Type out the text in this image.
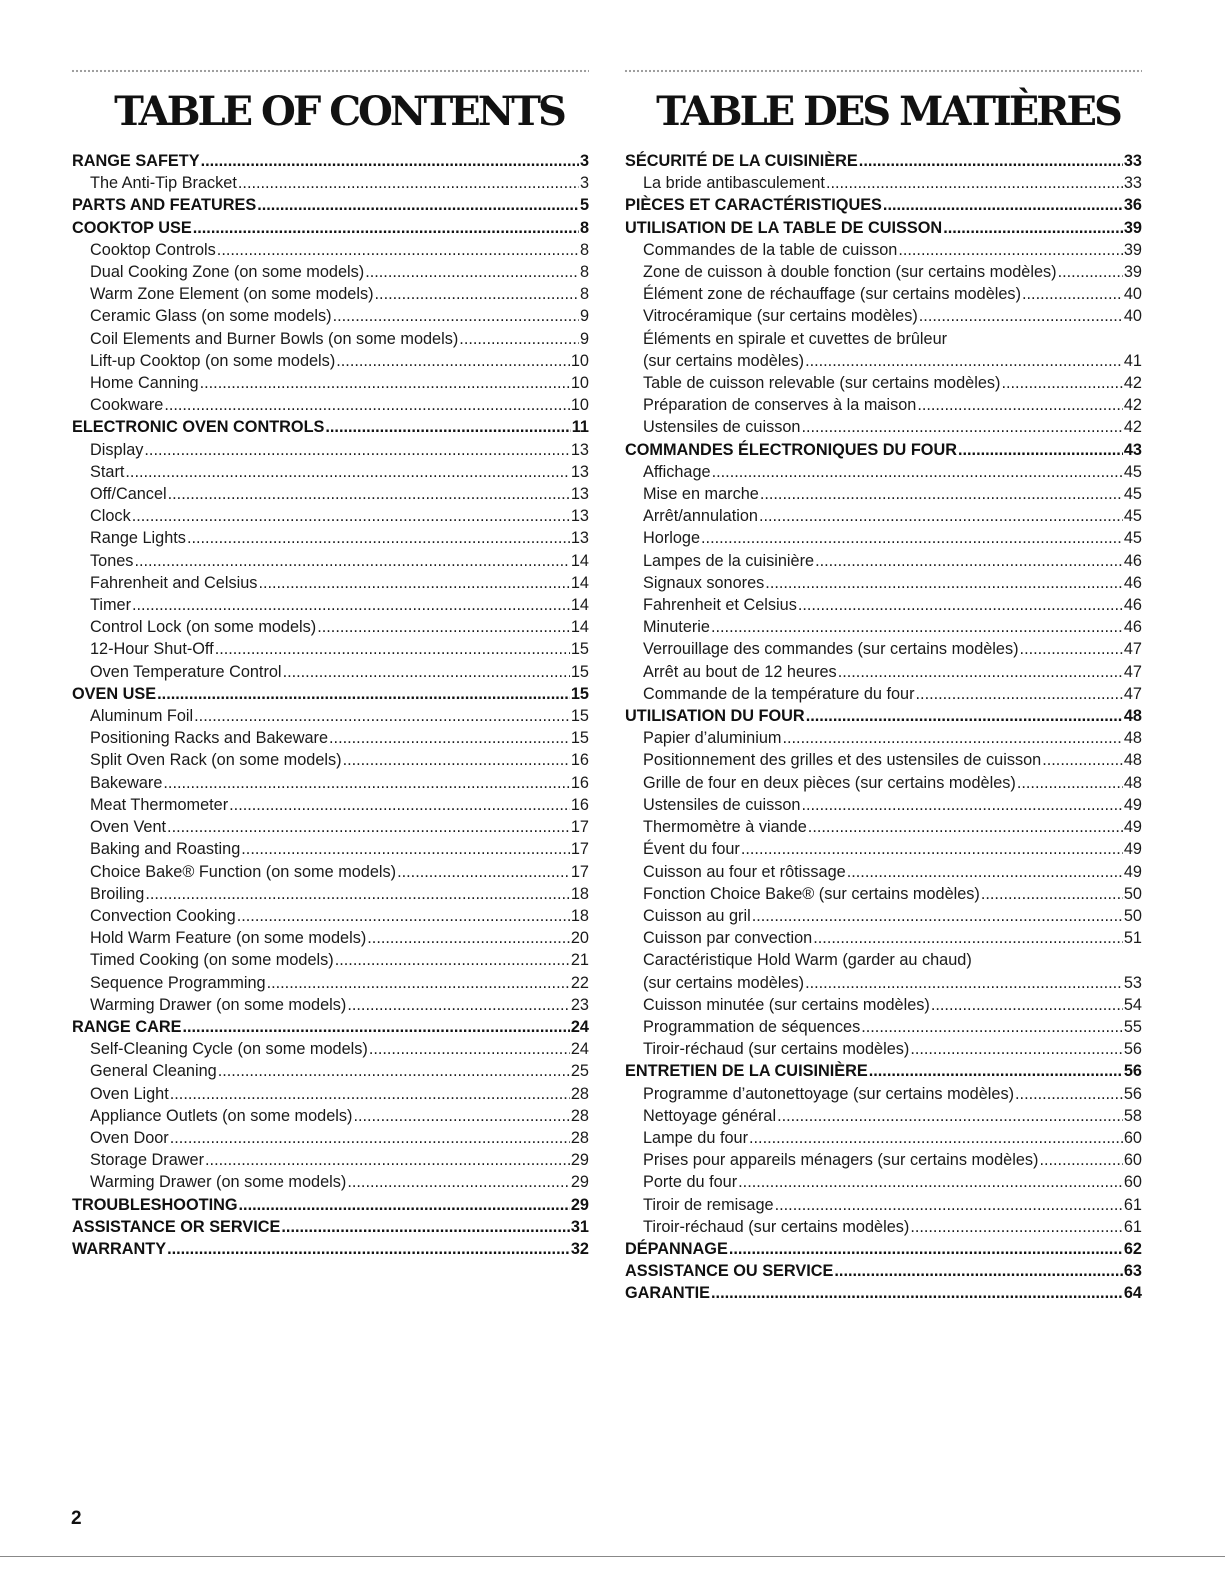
TABLE OF CONTENTS
RANGE SAFETY .....	3
The Anti-Tip Bracket .....	3
PARTS AND FEATURES .....	5
COOKTOP USE .....	8
Cooktop Controls .....	8
Dual Cooking Zone (on some models) .....	8
Warm Zone Element (on some models) .....	8
Ceramic Glass (on some models) .....	9
Coil Elements and Burner Bowls (on some models) .....	9
Lift-up Cooktop (on some models) .....	10
Home Canning .....	10
Cookware .....	10
ELECTRONIC OVEN CONTROLS .....	11
Display .....	13
Start .....	13
Off/Cancel .....	13
Clock .....	13
Range Lights .....	13
Tones .....	14
Fahrenheit and Celsius .....	14
Timer .....	14
Control Lock (on some models) .....	14
12-Hour Shut-Off .....	15
Oven Temperature Control .....	15
OVEN USE .....	15
Aluminum Foil .....	15
Positioning Racks and Bakeware .....	15
Split Oven Rack (on some models) .....	16
Bakeware .....	16
Meat Thermometer .....	16
Oven Vent .....	17
Baking and Roasting .....	17
Choice Bake® Function (on some models) .....	17
Broiling .....	18
Convection Cooking .....	18
Hold Warm Feature (on some models) .....	20
Timed Cooking (on some models) .....	21
Sequence Programming .....	22
Warming Drawer (on some models) .....	23
RANGE CARE .....	24
Self-Cleaning Cycle (on some models) .....	24
General Cleaning .....	25
Oven Light .....	28
Appliance Outlets (on some models) .....	28
Oven Door .....	28
Storage Drawer .....	29
Warming Drawer (on some models) .....	29
TROUBLESHOOTING .....	29
ASSISTANCE OR SERVICE .....	31
WARRANTY .....	32
TABLE DES MATIÈRES
SÉCURITÉ DE LA CUISINIÈRE .....	33
La bride antibasculement .....	33
PIÈCES ET CARACTÉRISTIQUES .....	36
UTILISATION DE LA TABLE DE CUISSON .....	39
Commandes de la table de cuisson .....	39
Zone de cuisson à double fonction (sur certains modèles) .....	39
Élément zone de réchauffage (sur certains modèles) .....	40
Vitrocéramique (sur certains modèles) .....	40
Éléments en spirale et cuvettes de brûleur
(sur certains modèles) .....	41
Table de cuisson relevable (sur certains modèles) .....	42
Préparation de conserves à la maison .....	42
Ustensiles de cuisson .....	42
COMMANDES ÉLECTRONIQUES DU FOUR .....	43
Affichage .....	45
Mise en marche .....	45
Arrêt/annulation .....	45
Horloge .....	45
Lampes de la cuisinière .....	46
Signaux sonores .....	46
Fahrenheit et Celsius .....	46
Minuterie .....	46
Verrouillage des commandes (sur certains modèles) .....	47
Arrêt au bout de 12 heures .....	47
Commande de la température du four .....	47
UTILISATION DU FOUR .....	48
Papier d’aluminium .....	48
Positionnement des grilles et des ustensiles de cuisson .....	48
Grille de four en deux pièces (sur certains modèles) .....	48
Ustensiles de cuisson .....	49
Thermomètre à viande .....	49
Évent du four .....	49
Cuisson au four et rôtissage .....	49
Fonction Choice Bake® (sur certains modèles) .....	50
Cuisson au gril .....	50
Cuisson par convection .....	51
Caractéristique Hold Warm (garder au chaud)
(sur certains modèles) .....	53
Cuisson minutée (sur certains modèles) .....	54
Programmation de séquences .....	55
Tiroir-réchaud (sur certains modèles) .....	56
ENTRETIEN DE LA CUISINIÈRE .....	56
Programme d’autonettoyage (sur certains modèles) .....	56
Nettoyage général .....	58
Lampe du four .....	60
Prises pour appareils ménagers (sur certains modèles) .....	60
Porte du four .....	60
Tiroir de remisage .....	61
Tiroir-réchaud (sur certains modèles) .....	61
DÉPANNAGE .....	62
ASSISTANCE OU SERVICE .....	63
GARANTIE .....	64
2
